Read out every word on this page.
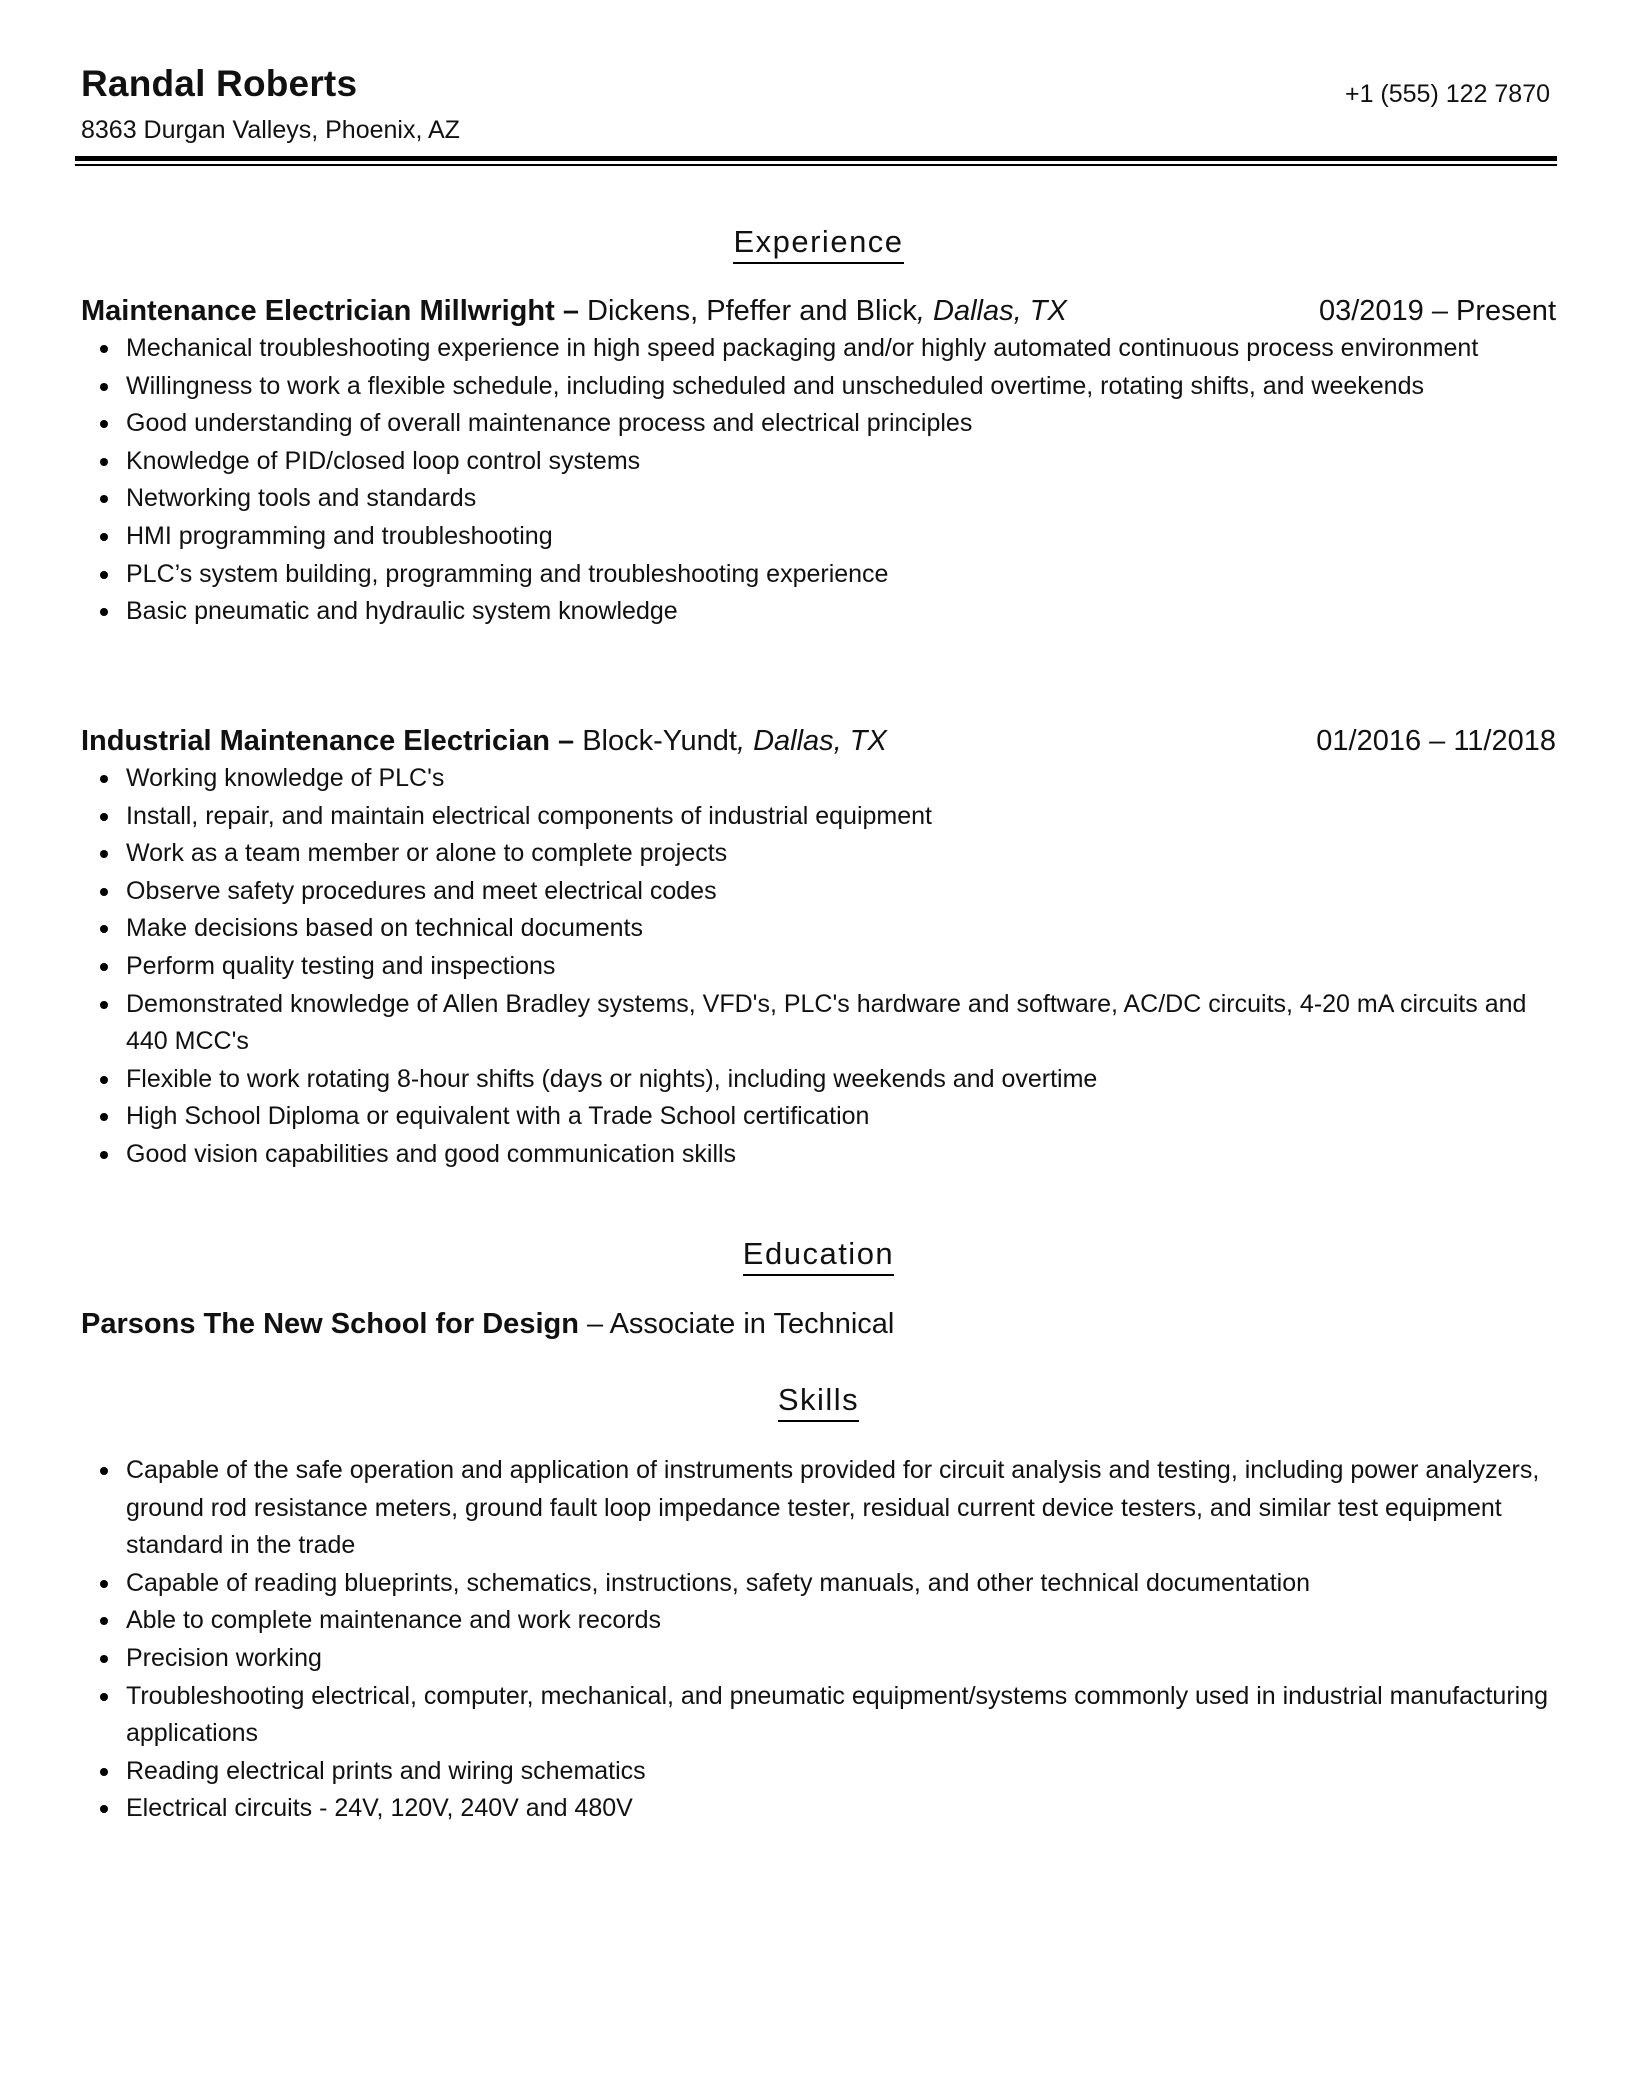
Randal Roberts
8363 Durgan Valleys, Phoenix, AZ
+1 (555) 122 7870
Experience
Maintenance Electrician Millwright – Dickens, Pfeffer and Blick, Dallas, TX	03/2019 – Present
Mechanical troubleshooting experience in high speed packaging and/or highly automated continuous process environment
Willingness to work a flexible schedule, including scheduled and unscheduled overtime, rotating shifts, and weekends
Good understanding of overall maintenance process and electrical principles
Knowledge of PID/closed loop control systems
Networking tools and standards
HMI programming and troubleshooting
PLC’s system building, programming and troubleshooting experience
Basic pneumatic and hydraulic system knowledge
Industrial Maintenance Electrician – Block-Yundt, Dallas, TX	01/2016 – 11/2018
Working knowledge of PLC's
Install, repair, and maintain electrical components of industrial equipment
Work as a team member or alone to complete projects
Observe safety procedures and meet electrical codes
Make decisions based on technical documents
Perform quality testing and inspections
Demonstrated knowledge of Allen Bradley systems, VFD's, PLC's hardware and software, AC/DC circuits, 4-20 mA circuits and 440 MCC's
Flexible to work rotating 8-hour shifts (days or nights), including weekends and overtime
High School Diploma or equivalent with a Trade School certification
Good vision capabilities and good communication skills
Education
Parsons The New School for Design – Associate in Technical
Skills
Capable of the safe operation and application of instruments provided for circuit analysis and testing, including power analyzers, ground rod resistance meters, ground fault loop impedance tester, residual current device testers, and similar test equipment standard in the trade
Capable of reading blueprints, schematics, instructions, safety manuals, and other technical documentation
Able to complete maintenance and work records
Precision working
Troubleshooting electrical, computer, mechanical, and pneumatic equipment/systems commonly used in industrial manufacturing applications
Reading electrical prints and wiring schematics
Electrical circuits - 24V, 120V, 240V and 480V
